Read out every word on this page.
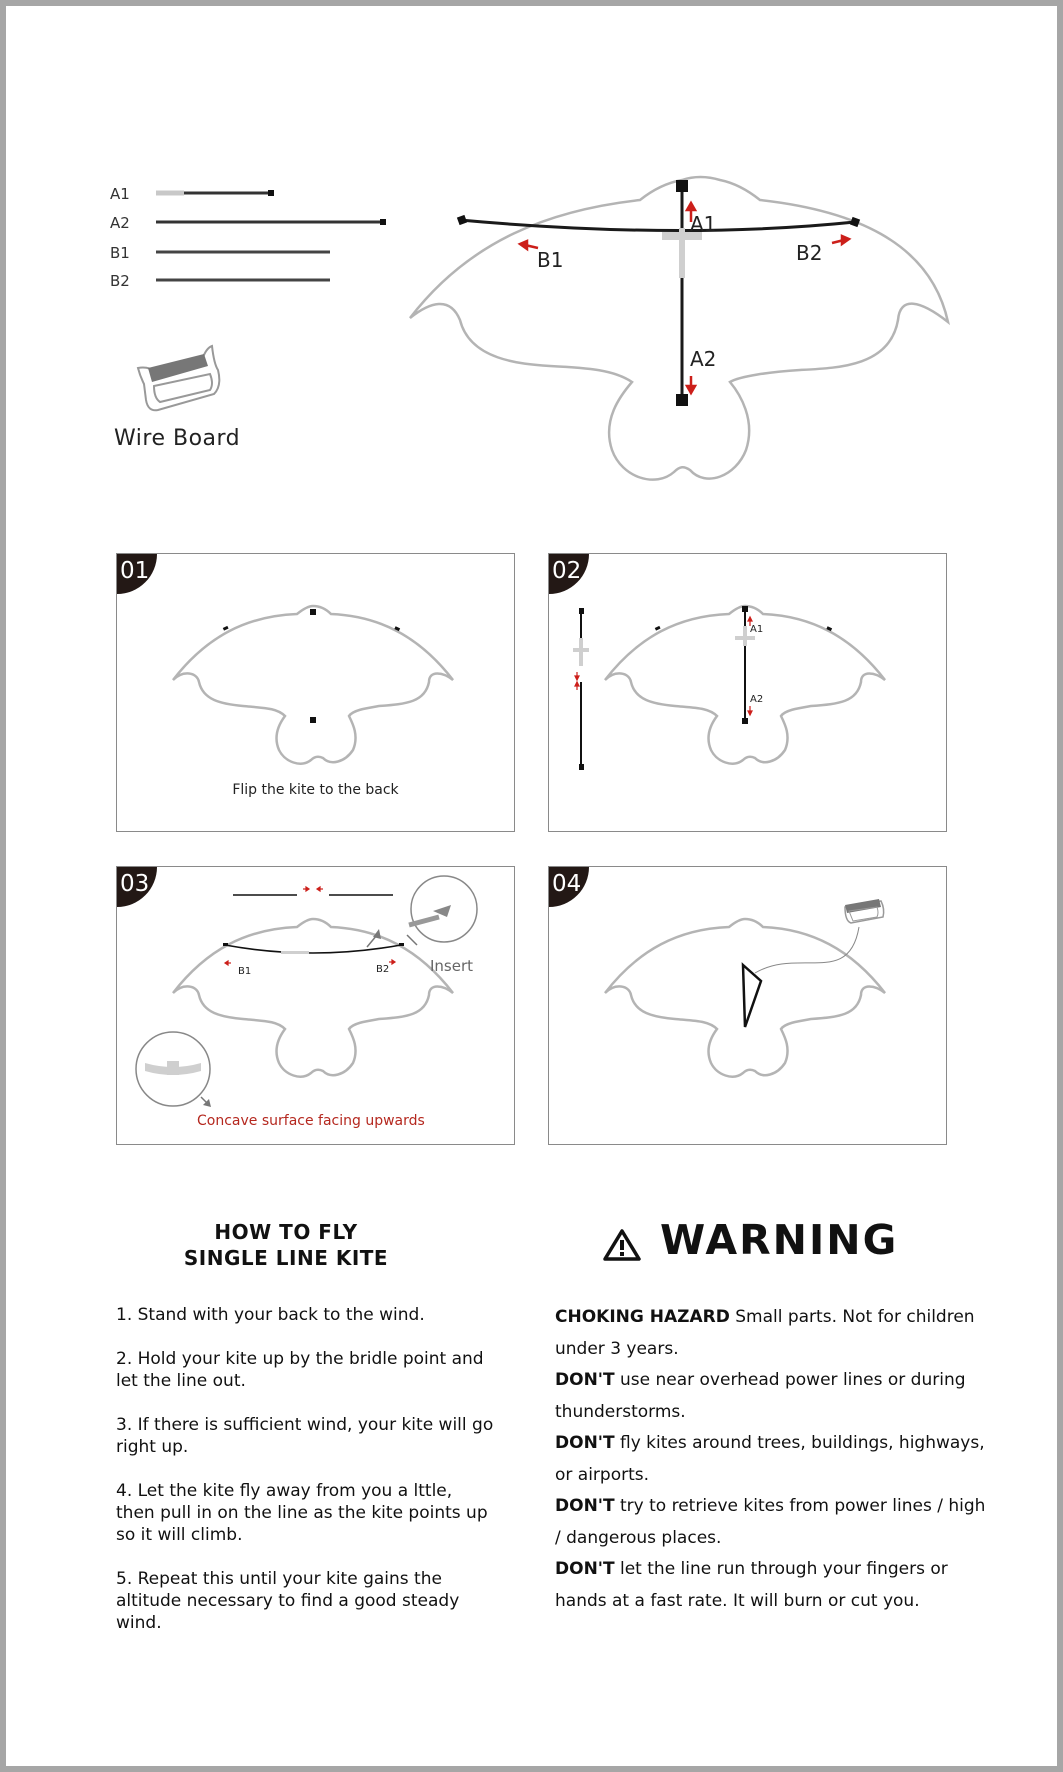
A1
A2
B1
B2
Wire Board
A1
A2
B1	B2
01
Flip the kite to the back
02
A1
A2
03
B1	B2	Insert
Concave surface facing upwards
04
HOW TO FLY
SINGLE LINE KITE

1. Stand with your back to the wind.

2. Hold your kite up by the bridle point and let the line out.

3. If there is sufficient wind, your kite will go right up.

4. Let the kite fly away from you a lttle, then pull in on the line as the kite points up so it will climb.

5. Repeat this until your kite gains the altitude necessary to find a good steady wind.

WARNING

CHOKING HAZARD Small parts. Not for children under 3 years.

DON'T use near overhead power lines or during thunderstorms.

DON'T fly kites around trees, buildings, highways, or airports.

DON'T try to retrieve kites from power lines / high / dangerous places.

DON'T let the line run through your fingers or hands at a fast rate. It will burn or cut you.
